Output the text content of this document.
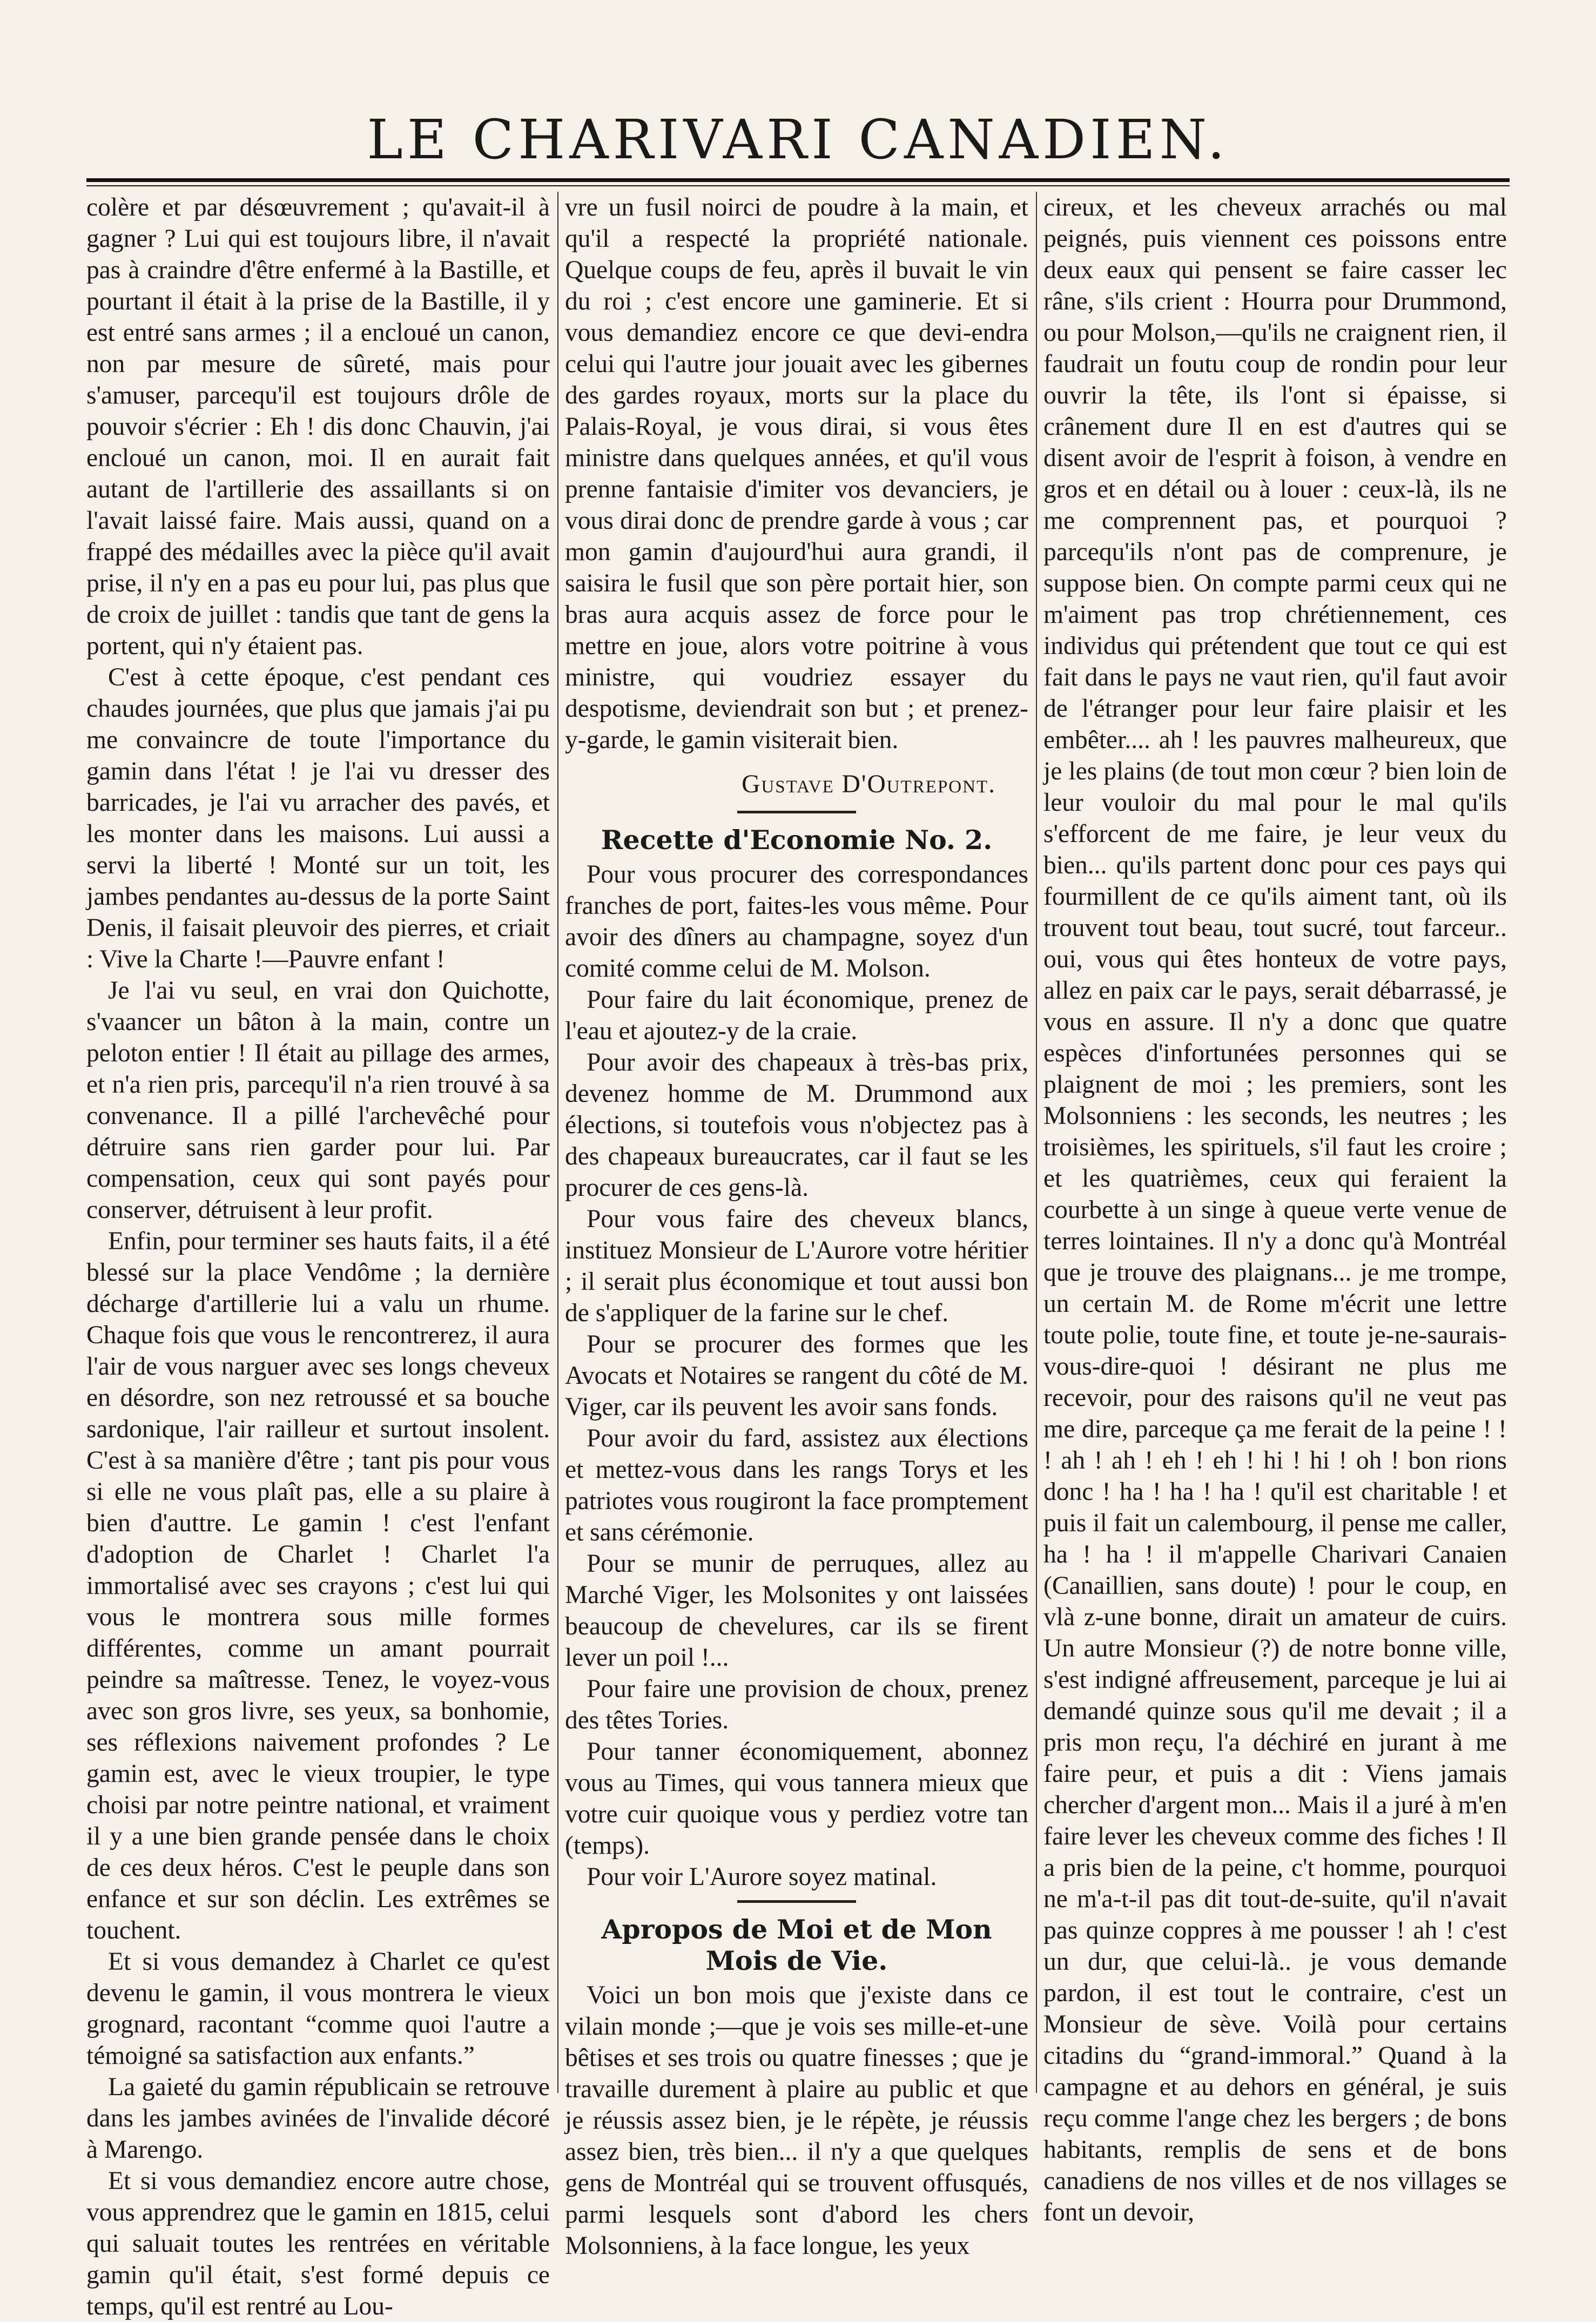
LE CHARIVARI CANADIEN.

colère et par désœuvrement ; qu'avait-il à gagner ? Lui qui est toujours libre, il n'avait pas à craindre d'être enfermé à la Bastille, et pourtant il était à la prise de la Bastille, il y est entré sans armes ; il a encloué un canon, non par mesure de sûreté, mais pour s'amuser, parcequ'il est toujours drôle de pouvoir s'écrier : Eh ! dis donc Chauvin, j'ai encloué un canon, moi. Il en aurait fait autant de l'artillerie des assaillants si on l'avait laissé faire. Mais aussi, quand on a frappé des médailles avec la pièce qu'il avait prise, il n'y en a pas eu pour lui, pas plus que de croix de juillet : tandis que tant de gens la portent, qui n'y étaient pas.

C'est à cette époque, c'est pendant ces chaudes journées, que plus que jamais j'ai pu me convaincre de toute l'importance du gamin dans l'état ! je l'ai vu dresser des barricades, je l'ai vu arracher des pavés, et les monter dans les maisons. Lui aussi a servi la liberté ! Monté sur un toit, les jambes pendantes au-dessus de la porte Saint Denis, il faisait pleuvoir des pierres, et criait : Vive la Charte !—Pauvre enfant !

Je l'ai vu seul, en vrai don Quichotte, s'vaancer un bâton à la main, contre un peloton entier ! Il était au pillage des armes, et n'a rien pris, parcequ'il n'a rien trouvé à sa convenance. Il a pillé l'archevêché pour détruire sans rien garder pour lui. Par compensation, ceux qui sont payés pour conserver, détruisent à leur profit.

Enfin, pour terminer ses hauts faits, il a été blessé sur la place Vendôme ; la dernière décharge d'artillerie lui a valu un rhume. Chaque fois que vous le rencontrerez, il aura l'air de vous narguer avec ses longs cheveux en désordre, son nez retroussé et sa bouche sardonique, l'air railleur et surtout insolent. C'est à sa manière d'être ; tant pis pour vous si elle ne vous plaît pas, elle a su plaire à bien d'auttre. Le gamin ! c'est l'enfant d'adoption de Charlet ! Charlet l'a immortalisé avec ses crayons ; c'est lui qui vous le montrera sous mille formes différentes, comme un amant pourrait peindre sa maîtresse. Tenez, le voyez-vous avec son gros livre, ses yeux, sa bonhomie, ses réflexions naivement profondes ? Le gamin est, avec le vieux troupier, le type choisi par notre peintre national, et vraiment il y a une bien grande pensée dans le choix de ces deux héros. C'est le peuple dans son enfance et sur son déclin. Les extrêmes se touchent.

Et si vous demandez à Charlet ce qu'est devenu le gamin, il vous montrera le vieux grognard, racontant “comme quoi l'autre a témoigné sa satisfaction aux enfants.”

La gaieté du gamin républicain se retrouve dans les jambes avinées de l'invalide décoré à Marengo.

Et si vous demandiez encore autre chose, vous apprendrez que le gamin en 1815, celui qui saluait toutes les rentrées en véritable gamin qu'il était, s'est formé depuis ce temps, qu'il est rentré au Lou-

vre un fusil noirci de poudre à la main, et qu'il a respecté la propriété nationale. Quelque coups de feu, après il buvait le vin du roi ; c'est encore une gaminerie. Et si vous demandiez encore ce que devi-endra celui qui l'autre jour jouait avec les gibernes des gardes royaux, morts sur la place du Palais-Royal, je vous dirai, si vous êtes ministre dans quelques années, et qu'il vous prenne fantaisie d'imiter vos devanciers, je vous dirai donc de prendre garde à vous ; car mon gamin d'aujourd'hui aura grandi, il saisira le fusil que son père portait hier, son bras aura acquis assez de force pour le mettre en joue, alors votre poitrine à vous ministre, qui voudriez essayer du despotisme, deviendrait son but ; et prenez-y-garde, le gamin visiterait bien.

Gustave D'Outrepont.

Recette d'Economie No. 2.

Pour vous procurer des correspondances franches de port, faites-les vous même. Pour avoir des dîners au champagne, soyez d'un comité comme celui de M. Molson.

Pour faire du lait économique, prenez de l'eau et ajoutez-y de la craie.

Pour avoir des chapeaux à très-bas prix, devenez homme de M. Drummond aux élections, si toutefois vous n'objectez pas à des chapeaux bureaucrates, car il faut se les procurer de ces gens-là.

Pour vous faire des cheveux blancs, instituez Monsieur de L'Aurore votre héritier ; il serait plus économique et tout aussi bon de s'appliquer de la farine sur le chef.

Pour se procurer des formes que les Avocats et Notaires se rangent du côté de M. Viger, car ils peuvent les avoir sans fonds.

Pour avoir du fard, assistez aux élections et mettez-vous dans les rangs Torys et les patriotes vous rougiront la face promptement et sans cérémonie.

Pour se munir de perruques, allez au Marché Viger, les Molsonites y ont laissées beaucoup de chevelures, car ils se firent lever un poil !...

Pour faire une provision de choux, prenez des têtes Tories.

Pour tanner économiquement, abonnez vous au Times, qui vous tannera mieux que votre cuir quoique vous y perdiez votre tan (temps).

Pour voir L'Aurore soyez matinal.

Apropos de Moi et de Mon Mois de Vie.

Voici un bon mois que j'existe dans ce vilain monde ;—que je vois ses mille-et-une bêtises et ses trois ou quatre finesses ; que je travaille durement à plaire au public et que je réussis assez bien, je le répète, je réussis assez bien, très bien... il n'y a que quelques gens de Montréal qui se trouvent offusqués, parmi lesquels sont d'abord les chers Molsonniens, à la face longue, les yeux

cireux, et les cheveux arrachés ou mal peignés, puis viennent ces poissons entre deux eaux qui pensent se faire casser lec râne, s'ils crient : Hourra pour Drummond, ou pour Molson,—qu'ils ne craignent rien, il faudrait un foutu coup de rondin pour leur ouvrir la tête, ils l'ont si épaisse, si crânement dure Il en est d'autres qui se disent avoir de l'esprit à foison, à vendre en gros et en détail ou à louer : ceux-là, ils ne me comprennent pas, et pourquoi ? parcequ'ils n'ont pas de comprenure, je suppose bien. On compte parmi ceux qui ne m'aiment pas trop chrétiennement, ces individus qui prétendent que tout ce qui est fait dans le pays ne vaut rien, qu'il faut avoir de l'étranger pour leur faire plaisir et les embêter.... ah ! les pauvres malheureux, que je les plains (de tout mon cœur ? bien loin de leur vouloir du mal pour le mal qu'ils s'efforcent de me faire, je leur veux du bien... qu'ils partent donc pour ces pays qui fourmillent de ce qu'ils aiment tant, où ils trouvent tout beau, tout sucré, tout farceur.. oui, vous qui êtes honteux de votre pays, allez en paix car le pays, serait débarrassé, je vous en assure. Il n'y a donc que quatre espèces d'infortunées personnes qui se plaignent de moi ; les premiers, sont les Molsonniens : les seconds, les neutres ; les troisièmes, les spirituels, s'il faut les croire ; et les quatrièmes, ceux qui feraient la courbette à un singe à queue verte venue de terres lointaines. Il n'y a donc qu'à Montréal que je trouve des plaignans... je me trompe, un certain M. de Rome m'écrit une lettre toute polie, toute fine, et toute je-ne-saurais-vous-dire-quoi ! désirant ne plus me recevoir, pour des raisons qu'il ne veut pas me dire, parceque ça me ferait de la peine ! ! ! ah ! ah ! eh ! eh ! hi ! hi ! oh ! bon rions donc ! ha ! ha ! ha ! qu'il est charitable ! et puis il fait un calembourg, il pense me caller, ha ! ha ! il m'appelle Charivari Canaien (Canaillien, sans doute) ! pour le coup, en vlà z-une bonne, dirait un amateur de cuirs. Un autre Monsieur (?) de notre bonne ville, s'est indigné affreusement, parceque je lui ai demandé quinze sous qu'il me devait ; il a pris mon reçu, l'a déchiré en jurant à me faire peur, et puis a dit : Viens jamais chercher d'argent mon... Mais il a juré à m'en faire lever les cheveux comme des fiches ! Il a pris bien de la peine, c't homme, pourquoi ne m'a-t-il pas dit tout-de-suite, qu'il n'avait pas quinze coppres à me pousser ! ah ! c'est un dur, que celui-là.. je vous demande pardon, il est tout le contraire, c'est un Monsieur de sève. Voilà pour certains citadins du “grand-immoral.” Quand à la campagne et au dehors en général, je suis reçu comme l'ange chez les bergers ; de bons habitants, remplis de sens et de bons canadiens de nos villes et de nos villages se font un devoir,
